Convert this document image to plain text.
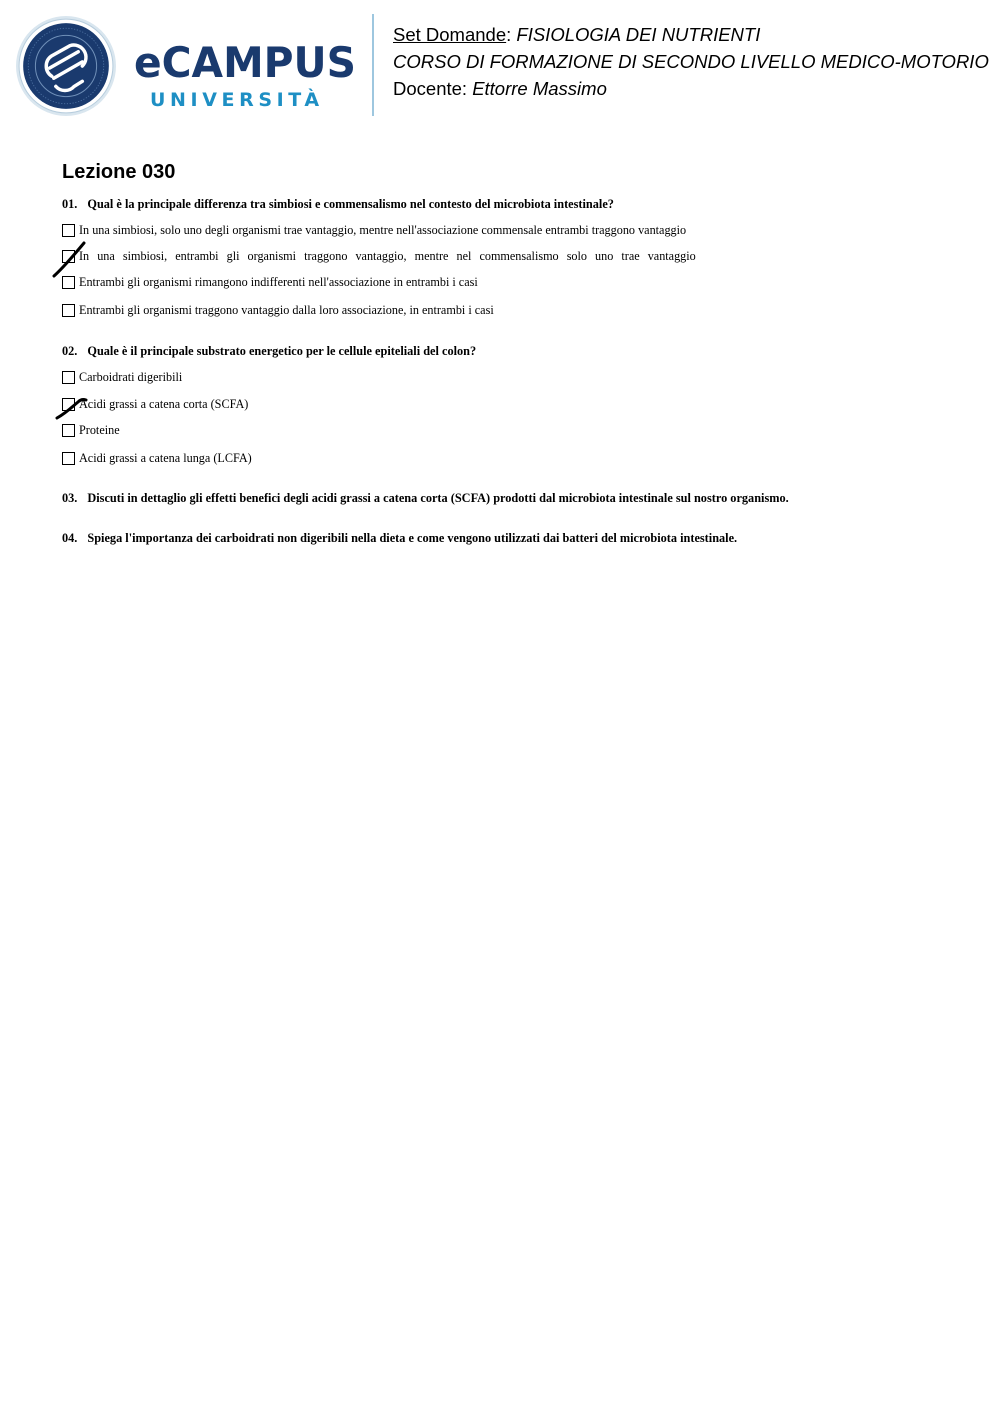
eCAMPUS
UNIVERSITÀ
Set Domande: FISIOLOGIA DEI NUTRIENTI
CORSO DI FORMAZIONE DI SECONDO LIVELLO MEDICO-MOTORIO
Docente: Ettorre Massimo
Lezione 030
01. Qual è la principale differenza tra simbiosi e commensalismo nel contesto del microbiota intestinale?
In una simbiosi, solo uno degli organismi trae vantaggio, mentre nell'associazione commensale entrambi traggono vantaggio
In una simbiosi, entrambi gli organismi traggono vantaggio, mentre nel commensalismo solo uno trae vantaggio
Entrambi gli organismi rimangono indifferenti nell'associazione in entrambi i casi
Entrambi gli organismi traggono vantaggio dalla loro associazione, in entrambi i casi
02. Quale è il principale substrato energetico per le cellule epiteliali del colon?
Carboidrati digeribili
Acidi grassi a catena corta (SCFA)
Proteine
Acidi grassi a catena lunga (LCFA)
03. Discuti in dettaglio gli effetti benefici degli acidi grassi a catena corta (SCFA) prodotti dal microbiota intestinale sul nostro organismo.
04. Spiega l'importanza dei carboidrati non digeribili nella dieta e come vengono utilizzati dai batteri del microbiota intestinale.
